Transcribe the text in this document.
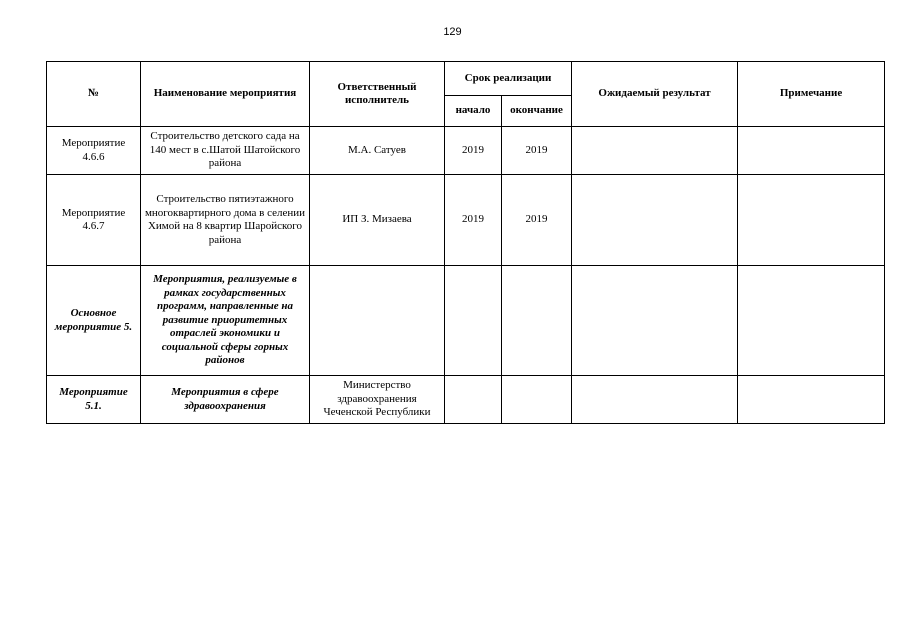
129
№	Наименование мероприятия	Ответственный исполнитель	Срок реализации		Ожидаемый результат	Примечание
			начало	окончание		
Мероприятие 4.6.6	Строительство детского сада на 140 мест в с.Шатой Шатойского района	М.А. Сатуев	2019	2019		
Мероприятие 4.6.7	Строительство пятиэтажного многоквартирного дома в селении Химой на 8 квартир Шаройского района	ИП З. Мизаева	2019	2019		
Основное мероприятие 5.	Мероприятия, реализуемые в рамках государственных программ, направленные на развитие приоритетных отраслей экономики и социальной сферы горных районов					
Мероприятие 5.1.	Мероприятия в сфере здравоохранения	Министерство здравоохранения Чеченской Республики				
